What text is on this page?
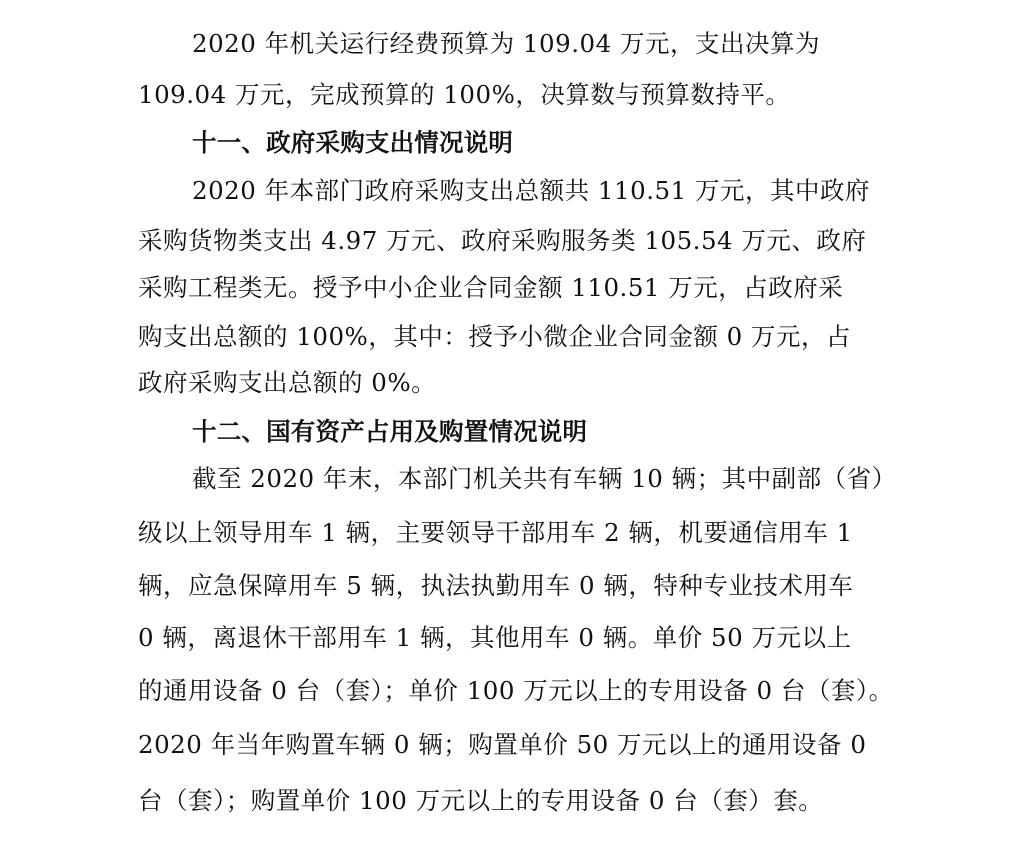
2020 年机关运行经费预算为 109.04 万元，支出决算为
109.04 万元，完成预算的 100%，决算数与预算数持平。
十一、政府采购支出情况说明
2020 年本部门政府采购支出总额共 110.51 万元，其中政府
采购货物类支出 4.97 万元、政府采购服务类 105.54 万元、政府
采购工程类无。授予中小企业合同金额 110.51 万元，占政府采
购支出总额的 100%，其中：授予小微企业合同金额 0 万元，占
政府采购支出总额的 0%。
十二、国有资产占用及购置情况说明
截至 2020 年末，本部门机关共有车辆 10 辆；其中副部（省）
级以上领导用车 1 辆，主要领导干部用车 2 辆，机要通信用车 1
辆，应急保障用车 5 辆，执法执勤用车 0 辆，特种专业技术用车
0 辆，离退休干部用车 1 辆，其他用车 0 辆。单价 50 万元以上
的通用设备 0 台（套）；单价 100 万元以上的专用设备 0 台（套）。
2020 年当年购置车辆 0 辆；购置单价 50 万元以上的通用设备 0
台（套）；购置单价 100 万元以上的专用设备 0 台（套）套。
